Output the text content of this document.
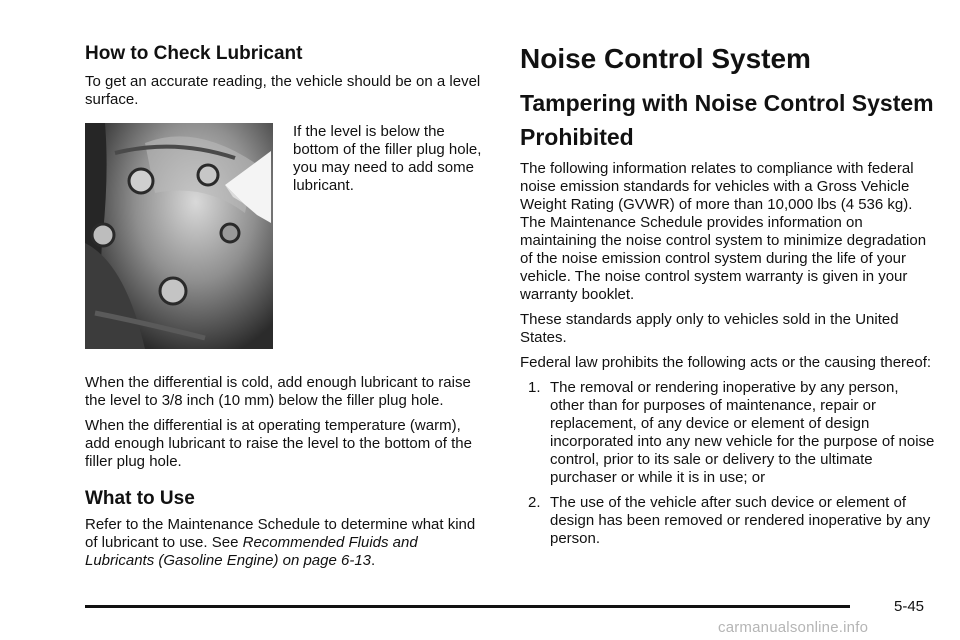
How to Check Lubricant

To get an accurate reading, the vehicle should be on a level surface.

If the level is below the bottom of the filler plug hole, you may need to add some lubricant.

When the differential is cold, add enough lubricant to raise the level to 3/8 inch (10 mm) below the filler plug hole.

When the differential is at operating temperature (warm), add enough lubricant to raise the level to the bottom of the filler plug hole.

What to Use

Refer to the Maintenance Schedule to determine what kind of lubricant to use. See Recommended Fluids and Lubricants (Gasoline Engine) on page 6-13.

Noise Control System
Tampering with Noise Control System Prohibited

The following information relates to compliance with federal noise emission standards for vehicles with a Gross Vehicle Weight Rating (GVWR) of more than 10,000 lbs (4 536 kg). The Maintenance Schedule provides information on maintaining the noise control system to minimize degradation of the noise emission control system during the life of your vehicle. The noise control system warranty is given in your warranty booklet.

These standards apply only to vehicles sold in the United States.

Federal law prohibits the following acts or the causing thereof:

1. The removal or rendering inoperative by any person, other than for purposes of maintenance, repair or replacement, of any device or element of design incorporated into any new vehicle for the purpose of noise control, prior to its sale or delivery to the ultimate purchaser or while it is in use; or
2. The use of the vehicle after such device or element of design has been removed or rendered inoperative by any person.
5-45
carmanualsonline.info
